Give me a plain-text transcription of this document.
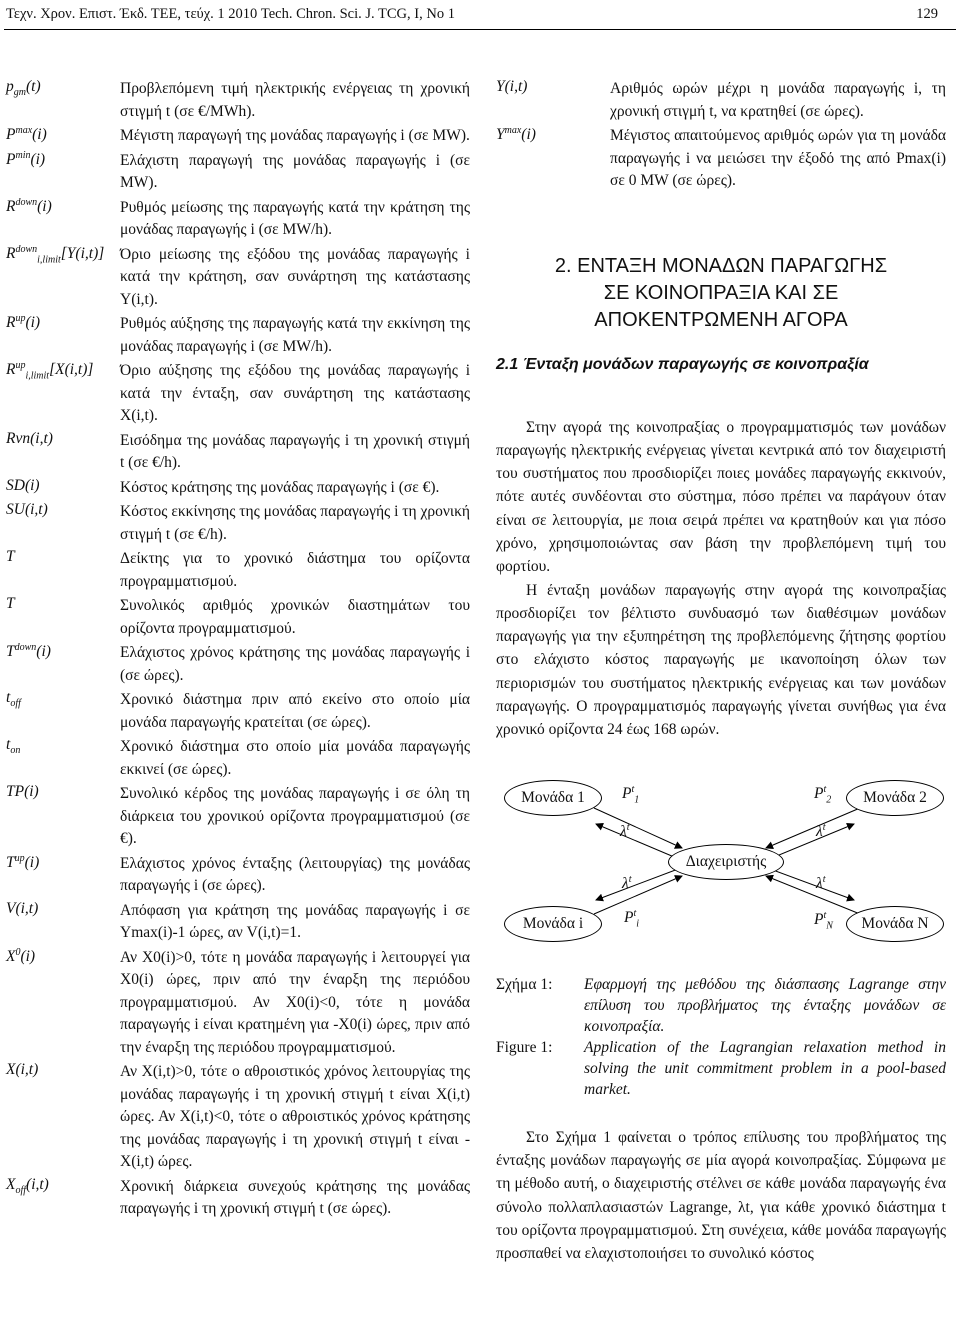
Τεχν. Χρον. Επιστ. Έκδ. ΤΕΕ, τεύχ. 1 2010 Tech. Chron. Sci. J. TCG, I, No 1	129
$p_{gm}(t)$	Προβλεπόμενη τιμή ηλεκτρικής ενέργειας τη χρονική στιγμή t (σε €/MWh).
$P^{max}(i)$	Μέγιστη παραγωγή της μονάδας παραγωγής i (σε MW).
$P^{min}(i)$	Ελάχιστη παραγωγή της μονάδας παραγωγής i (σε MW).
$R^{down}(i)$	Ρυθμός μείωσης της παραγωγής κατά την κράτηση της μονάδας παραγωγής i (σε MW/h).
$R^{down}_{i,limit}[Y(i,t)]$ Όριο μείωσης της εξόδου της μονάδας παραγωγής i κατά την κράτηση, σαν συνάρτηση της κατάστασης Y(i,t).
$R^{up}(i)$	Ρυθμός αύξησης της παραγωγής κατά την εκκίνηση της μονάδας παραγωγής i (σε MW/h).
$R^{up}_{i,limit}[X(i,t)]$ Όριο αύξησης της εξόδου της μονάδας παραγωγής i κατά την ένταξη, σαν συνάρτηση της κατάστασης X(i,t).
Rvn(i,t)	Εισόδημα της μονάδας παραγωγής i τη χρονική στιγμή t (σε €/h).
SD(i)	Κόστος κράτησης της μονάδας παραγωγής i (σε €).
SU(i,t)	Κόστος εκκίνησης της μονάδας παραγωγής i τη χρονική στιγμή t (σε €/h).
T	Δείκτης για το χρονικό διάστημα του ορίζοντα προγραμματισμού.
T	Συνολικός αριθμός χρονικών διαστημάτων του ορίζοντα προγραμματισμού.
$T^{down}(i)$	Ελάχιστος χρόνος κράτησης της μονάδας παραγωγής i (σε ώρες).
$t_{off}$	Χρονικό διάστημα πριν από εκείνο στο οποίο μία μονάδα παραγωγής κρατείται (σε ώρες).
$t_{on}$	Χρονικό διάστημα στο οποίο μία μονάδα παραγωγής εκκινεί (σε ώρες).
TP(i)	Συνολικό κέρδος της μονάδας παραγωγής i σε όλη τη διάρκεια του χρονικού ορίζοντα προγραμματισμού (σε €).
$T^{up}(i)$	Ελάχιστος χρόνος ένταξης (λειτουργίας) της μονάδας παραγωγής i (σε ώρες).
V(i,t)	Απόφαση για κράτηση της μονάδας παραγωγής i σε Ymax(i)-1 ώρες, αν V(i,t)=1.
$X^0(i)$	Αν X0(i)>0, τότε η μονάδα παραγωγής i λειτουργεί για X0(i) ώρες, πριν από την έναρξη της περιόδου προγραμματισμού. Αν X0(i)<0, τότε η μονάδα παραγωγής i είναι κρατημένη για -X0(i) ώρες, πριν από την έναρξη της περιόδου προγραμματισμού.
X(i,t)	Αν X(i,t)>0, τότε ο αθροιστικός χρόνος λειτουργίας της μονάδας παραγωγής i τη χρονική στιγμή t είναι X(i,t) ώρες. Αν X(i,t)<0, τότε ο αθροιστικός χρόνος κράτησης της μονάδας παραγωγής i τη χρονική στιγμή t είναι -X(i,t) ώρες.
$X_{off}(i,t)$	Χρονική διάρκεια συνεχούς κράτησης της μονάδας παραγωγής i τη χρονική στιγμή t (σε ώρες).
Y(i,t)	Αριθμός ωρών μέχρι η μονάδα παραγωγής i, τη χρονική στιγμή t, να κρατηθεί (σε ώρες).
$Y^{max}(i)$	Μέγιστος απαιτούμενος αριθμός ωρών για τη μονάδα παραγωγής i να μειώσει την έξοδό της από Pmax(i) σε 0 MW (σε ώρες).
2. ΕΝΤΑΞΗ ΜΟΝΑΔΩΝ ΠΑΡΑΓΩΓΗΣ
ΣΕ ΚΟΙΝΟΠΡΑΞΙΑ ΚΑΙ ΣΕ
ΑΠΟΚΕΝΤΡΩΜΕΝΗ ΑΓΟΡΑ
2.1 Ένταξη μονάδων παραγωγής σε κοινοπραξία

Στην αγορά της κοινοπραξίας ο προγραμματισμός των μονάδων παραγωγής ηλεκτρικής ενέργειας γίνεται κεντρικά από τον διαχειριστή του συστήματος που προσδιορίζει ποιες μονάδες παραγωγής εκκινούν, πότε αυτές συνδέονται στο σύστημα, πόσο πρέπει να παράγουν όταν είναι σε λειτουργία, με ποια σειρά πρέπει να κρατηθούν και για πόσο χρόνο, χρησιμοποιώντας σαν βάση την προβλεπόμενη τιμή του φορτίου.

Η ένταξη μονάδων παραγωγής στην αγορά της κοινοπραξίας προσδιορίζει τον βέλτιστο συνδυασμό των διαθέσιμων μονάδων παραγωγής για την εξυπηρέτηση της προβλεπόμενης ζήτησης φορτίου στο ελάχιστο κόστος παραγωγής με ικανοποίηση όλων των περιορισμών του συστήματος ηλεκτρικής ενέργειας και των μονάδων παραγωγής. Ο προγραμματισμός παραγωγής γίνεται συνήθως για ένα χρονικό ορίζοντα 24 έως 168 ωρών.

Μονάδα 1	Μονάδα 2
Διαχειριστής
Μονάδα i	Μονάδα N
$P^t_1$
$\lambda^t$
$P^t_2$
$\lambda^t$
$\lambda^t$
$P^t_i$
$\lambda^t$
$P^t_N$
Σχήμα 1:	Εφαρμογή της μεθόδου της διάσπασης Lagrange στην επίλυση του προβλήματος της ένταξης μονάδων σε κοινοπραξία.
Figure 1:	Application of the Lagrangian relaxation method in solving the unit commitment problem in a pool-based market.

Στο Σχήμα 1 φαίνεται ο τρόπος επίλυσης του προβλήματος της ένταξης μονάδων παραγωγής σε μία αγορά κοινοπραξίας. Σύμφωνα με τη μέθοδο αυτή, ο διαχειριστής στέλνει σε κάθε μονάδα παραγωγής ένα σύνολο πολλαπλασιαστών Lagrange, λt, για κάθε χρονικό διάστημα t του ορίζοντα προγραμματισμού. Στη συνέχεια, κάθε μονάδα παραγωγής προσπαθεί να ελαχιστοποιήσει το συνολικό κόστος
